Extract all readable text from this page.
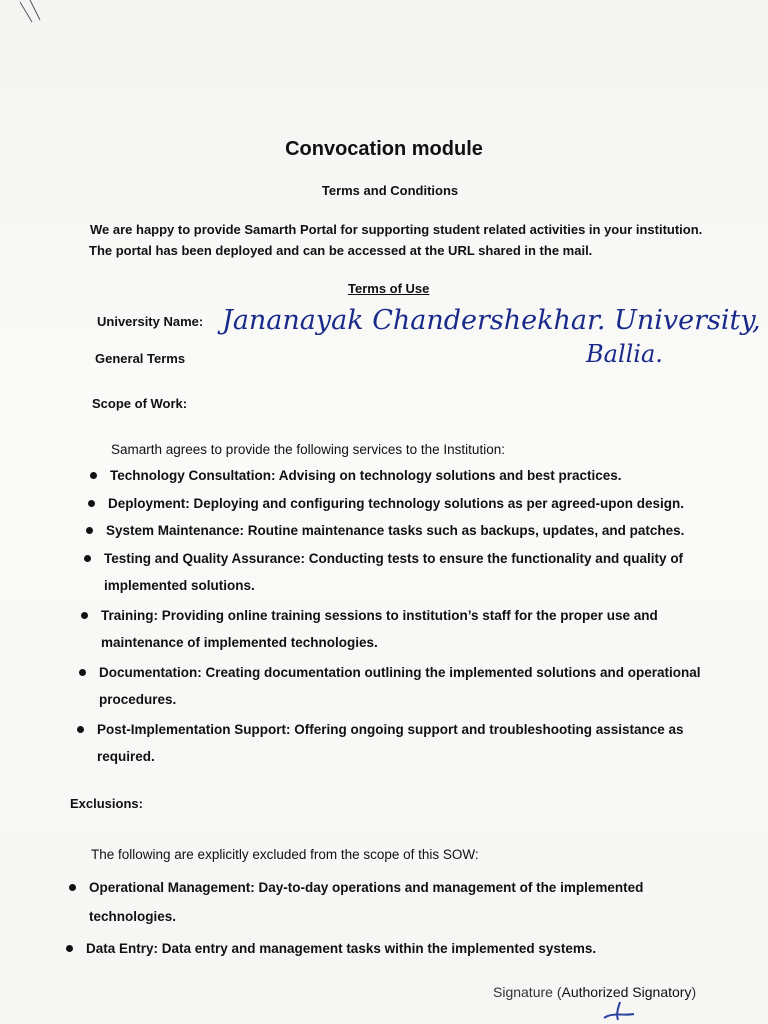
Convocation module
Terms and Conditions
We are happy to provide Samarth Portal for supporting student related activities in your institution.
The portal has been deployed and can be accessed at the URL shared in the mail.
Terms of Use
University Name: Jananayak Chandershekhar. University,
Ballia.
General Terms
Scope of Work:
Samarth agrees to provide the following services to the Institution:
Technology Consultation: Advising on technology solutions and best practices.
Deployment: Deploying and configuring technology solutions as per agreed-upon design.
System Maintenance: Routine maintenance tasks such as backups, updates, and patches.
Testing and Quality Assurance: Conducting tests to ensure the functionality and quality of
implemented solutions.
Training: Providing online training sessions to institution’s staff for the proper use and
maintenance of implemented technologies.
Documentation: Creating documentation outlining the implemented solutions and operational
procedures.
Post-Implementation Support: Offering ongoing support and troubleshooting assistance as
required.
Exclusions:
The following are explicitly excluded from the scope of this SOW:
Operational Management: Day-to-day operations and management of the implemented
technologies.
Data Entry: Data entry and management tasks within the implemented systems.
Signature (Authorized Signatory)
